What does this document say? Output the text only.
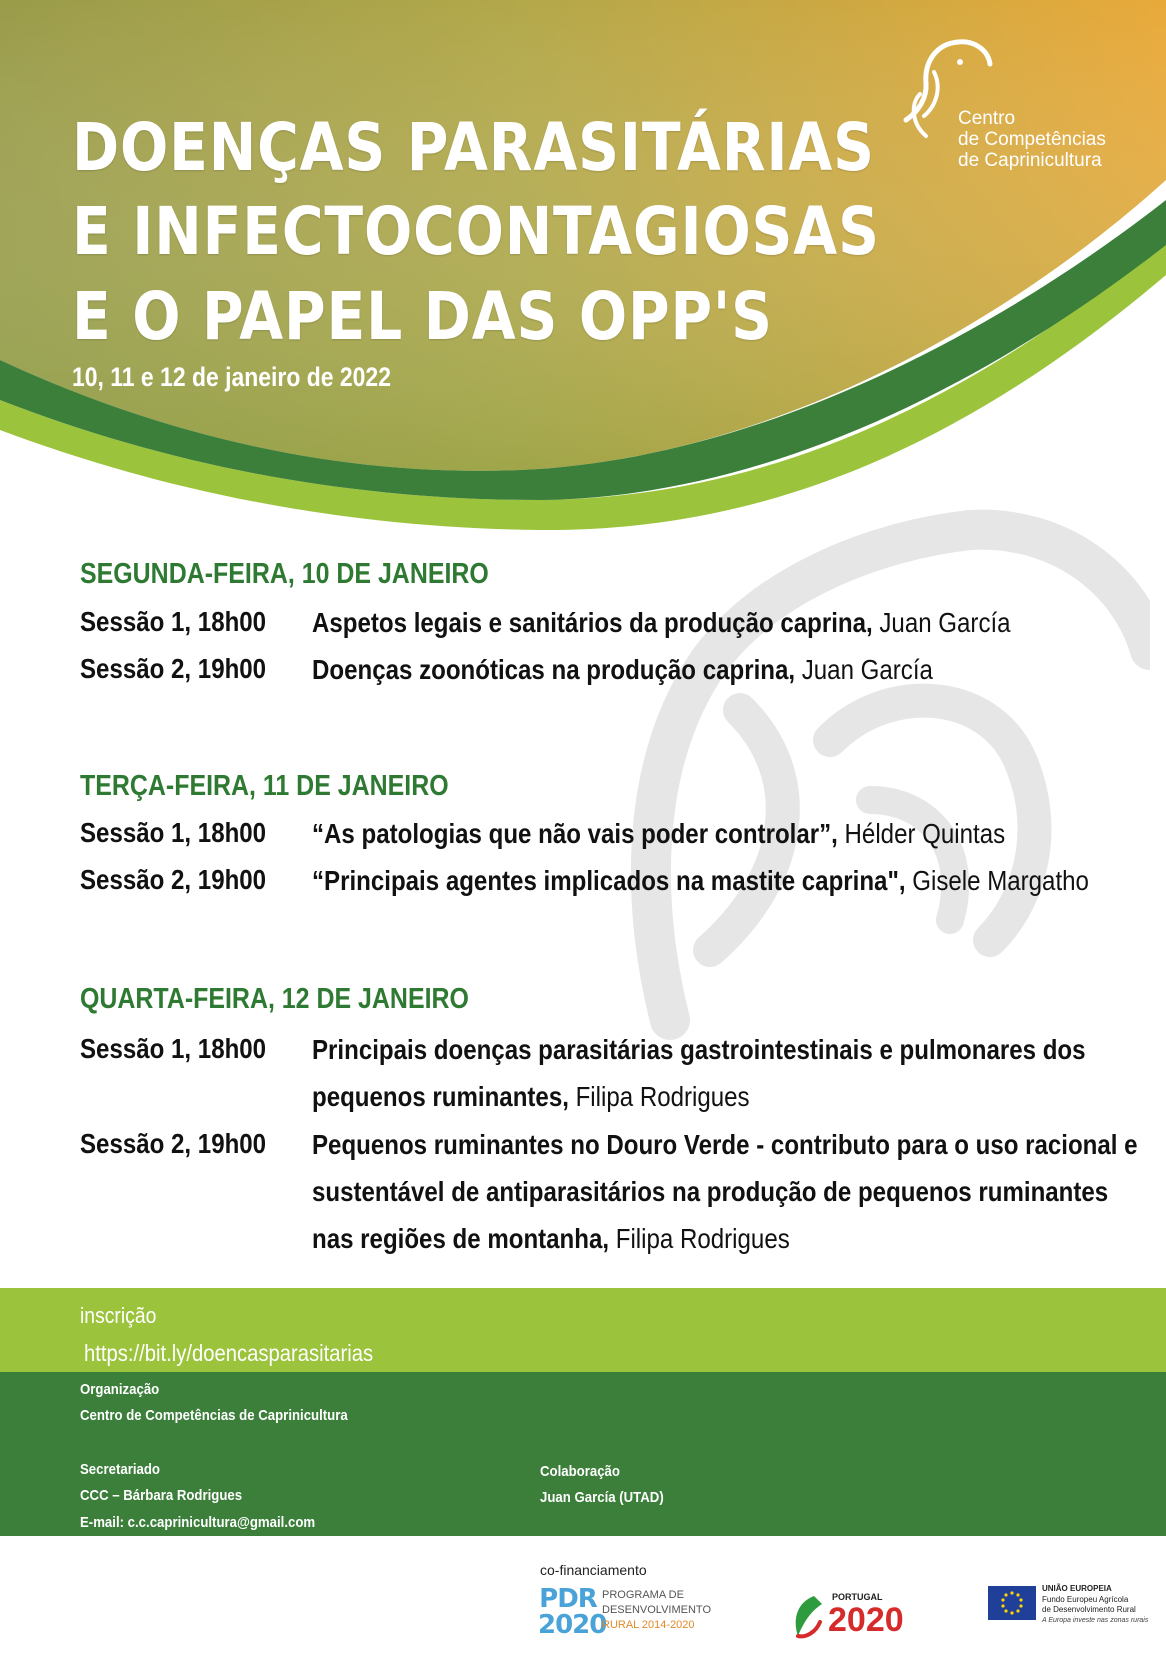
Centro
de Competências
de Caprinicultura
DOENÇAS PARASITÁRIAS
E INFECTOCONTAGIOSAS
E O PAPEL DAS OPP'S
10, 11 e 12 de janeiro de 2022
SEGUNDA-FEIRA, 10 DE JANEIRO
Sessão 1, 18h00 Aspetos legais e sanitários da produção caprina, Juan García
Sessão 2, 19h00 Doenças zoonóticas na produção caprina, Juan García
TERÇA-FEIRA, 11 DE JANEIRO
Sessão 1, 18h00 “As patologias que não vais poder controlar”, Hélder Quintas
Sessão 2, 19h00 “Principais agentes implicados na mastite caprina", Gisele Margatho
QUARTA-FEIRA, 12 DE JANEIRO
Sessão 1, 18h00 Principais doenças parasitárias gastrointestinais e pulmonares dos pequenos ruminantes, Filipa Rodrigues
Sessão 2, 19h00 Pequenos ruminantes no Douro Verde - contributo para o uso racional e sustentável de antiparasitários na produção de pequenos ruminantes nas regiões de montanha, Filipa Rodrigues
inscrição
https://bit.ly/doencasparasitarias
Organização
Centro de Competências de Caprinicultura
Secretariado
CCC – Bárbara Rodrigues
E-mail: c.c.caprinicultura@gmail.com
Colaboração
Juan García (UTAD)
co-financiamento
PDR 2020
PROGRAMA DE
DESENVOLVIMENTO
RURAL 2014-2020
PORTUGAL
2020
UNIÃO EUROPEIA
Fundo Europeu Agrícola
de Desenvolvimento Rural
A Europa investe nas zonas rurais
